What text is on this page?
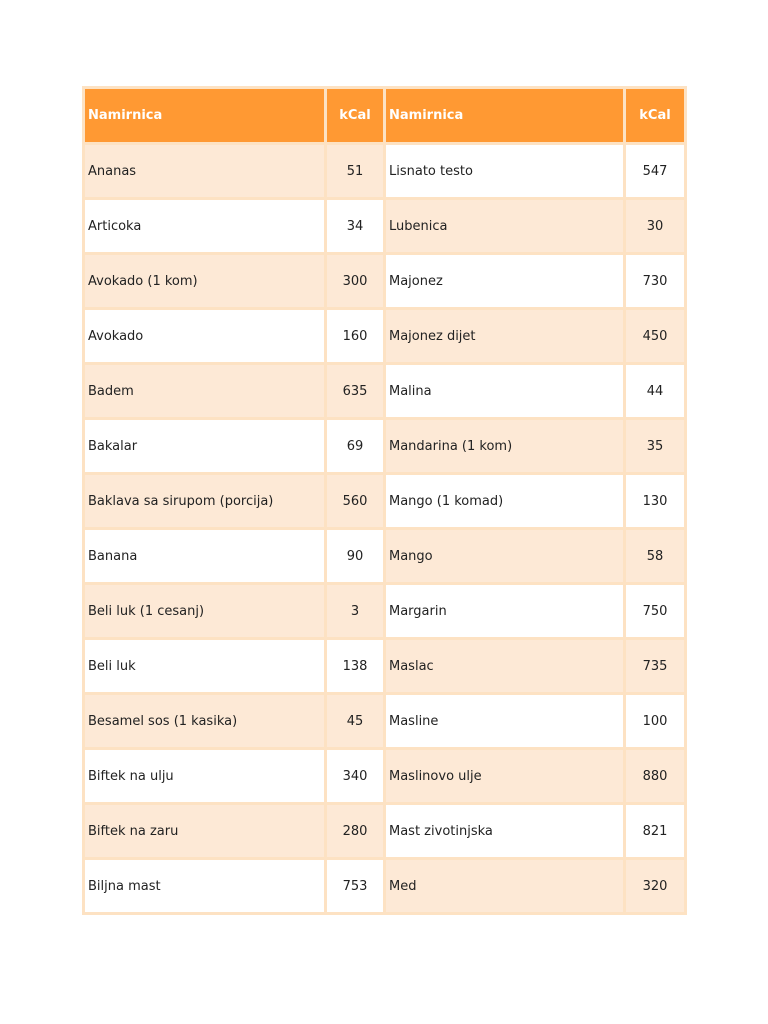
Namirnica	kCal	Namirnica	kCal
Ananas	51	Lisnato testo	547
Articoka	34	Lubenica	30
Avokado (1 kom)	300	Majonez	730
Avokado	160	Majonez dijet	450
Badem	635	Malina	44
Bakalar	69	Mandarina (1 kom)	35
Baklava sa sirupom (porcija)	560	Mango (1 komad)	130
Banana	90	Mango	58
Beli luk (1 cesanj)	3	Margarin	750
Beli luk	138	Maslac	735
Besamel sos (1 kasika)	45	Masline	100
Biftek na ulju	340	Maslinovo ulje	880
Biftek na zaru	280	Mast zivotinjska	821
Biljna mast	753	Med	320
